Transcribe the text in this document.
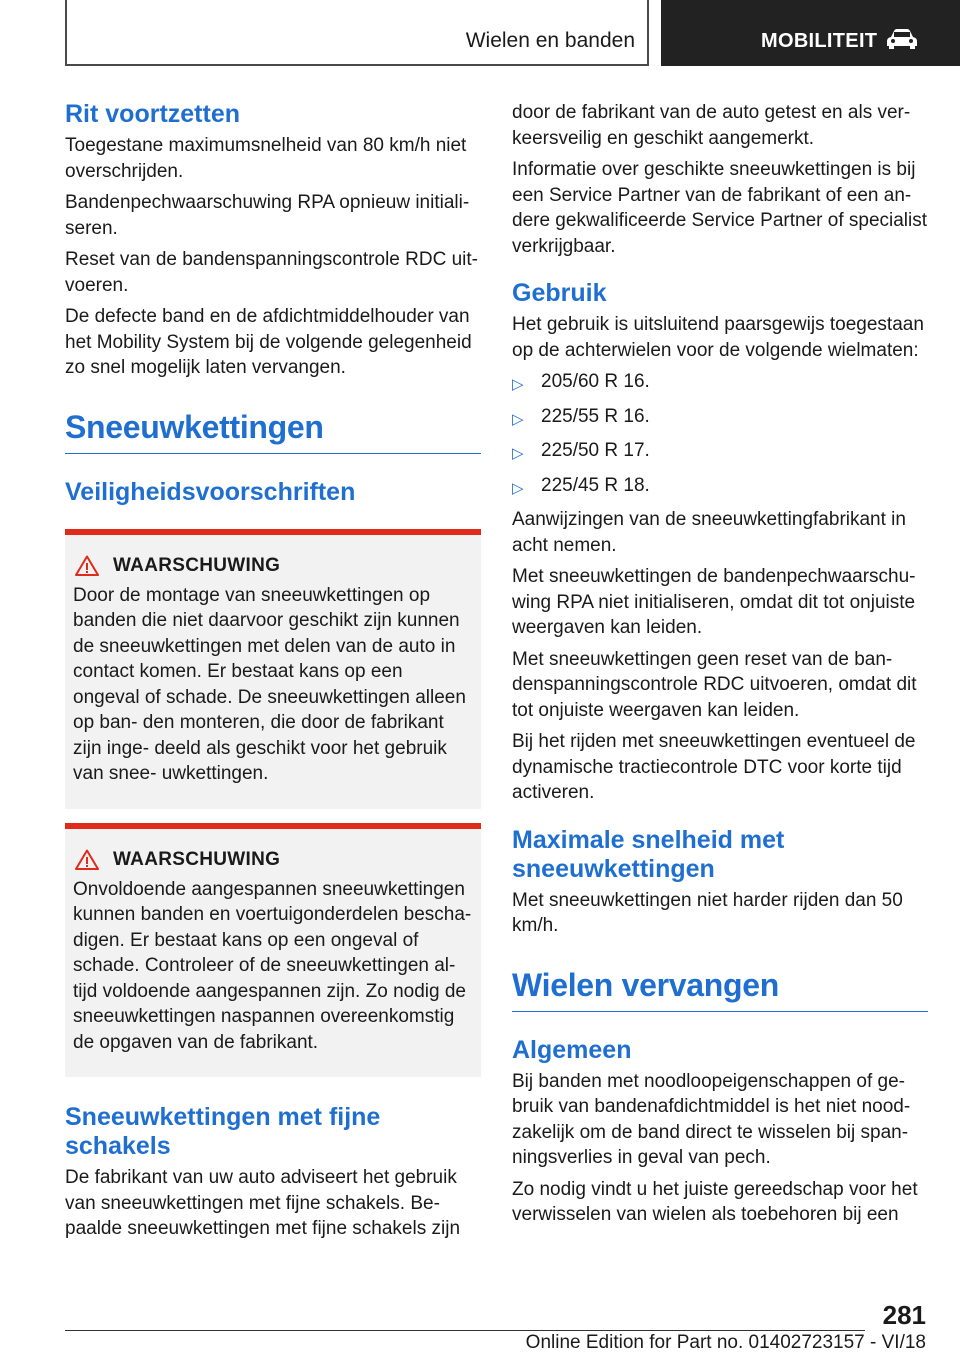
Wielen en banden	MOBILITEIT
Rit voortzetten

Toegestane maximumsnelheid van 80 km/h niet overschrijden.

Bandenpechwaarschuwing RPA opnieuw initiali‐ seren.

Reset van de bandenspanningscontrole RDC uit‐ voeren.

De defecte band en de afdichtmiddelhouder van het Mobility System bij de volgende gelegenheid zo snel mogelijk laten vervangen.

Sneeuwkettingen
Veiligheidsvoorschriften
WAARSCHUWING

Door de montage van sneeuwkettingen op banden die niet daarvoor geschikt zijn kunnen de sneeuwkettingen met delen van de auto in contact komen. Er bestaat kans op een ongeval of schade. De sneeuwkettingen alleen op ban‐ den monteren, die door de fabrikant zijn inge‐ deeld als geschikt voor het gebruik van snee‐ uwkettingen.

WAARSCHUWING

Onvoldoende aangespannen sneeuwkettingen kunnen banden en voertuigonderdelen bescha‐ digen. Er bestaat kans op een ongeval of schade. Controleer of de sneeuwkettingen al‐ tijd voldoende aangespannen zijn. Zo nodig de sneeuwkettingen naspannen overeenkomstig de opgaven van de fabrikant.

Sneeuwkettingen met fijne schakels

De fabrikant van uw auto adviseert het gebruik van sneeuwkettingen met fijne schakels. Be‐ paalde sneeuwkettingen met fijne schakels zijn

door de fabrikant van de auto getest en als ver‐ keersveilig en geschikt aangemerkt.

Informatie over geschikte sneeuwkettingen is bij een Service Partner van de fabrikant of een an‐ dere gekwalificeerde Service Partner of specialist verkrijgbaar.

Gebruik

Het gebruik is uitsluitend paarsgewijs toegestaan op de achterwielen voor de volgende wielmaten:

▷ 205/60 R 16.
▷ 225/55 R 16.
▷ 225/50 R 17.
▷ 225/45 R 18.

Aanwijzingen van de sneeuwkettingfabrikant in acht nemen.

Met sneeuwkettingen de bandenpechwaarschu‐ wing RPA niet initialiseren, omdat dit tot onjuiste weergaven kan leiden.

Met sneeuwkettingen geen reset van de ban‐ denspanningscontrole RDC uitvoeren, omdat dit tot onjuiste weergaven kan leiden.

Bij het rijden met sneeuwkettingen eventueel de dynamische tractiecontrole DTC voor korte tijd activeren.

Maximale snelheid met sneeuwkettingen

Met sneeuwkettingen niet harder rijden dan 50 km/h.

Wielen vervangen
Algemeen

Bij banden met noodloopeigenschappen of ge‐ bruik van bandenafdichtmiddel is het niet nood‐ zakelijk om de band direct te wisselen bij span‐ ningsverlies in geval van pech.

Zo nodig vindt u het juiste gereedschap voor het verwisselen van wielen als toebehoren bij een

281
Online Edition for Part no. 01402723157 - VI/18
